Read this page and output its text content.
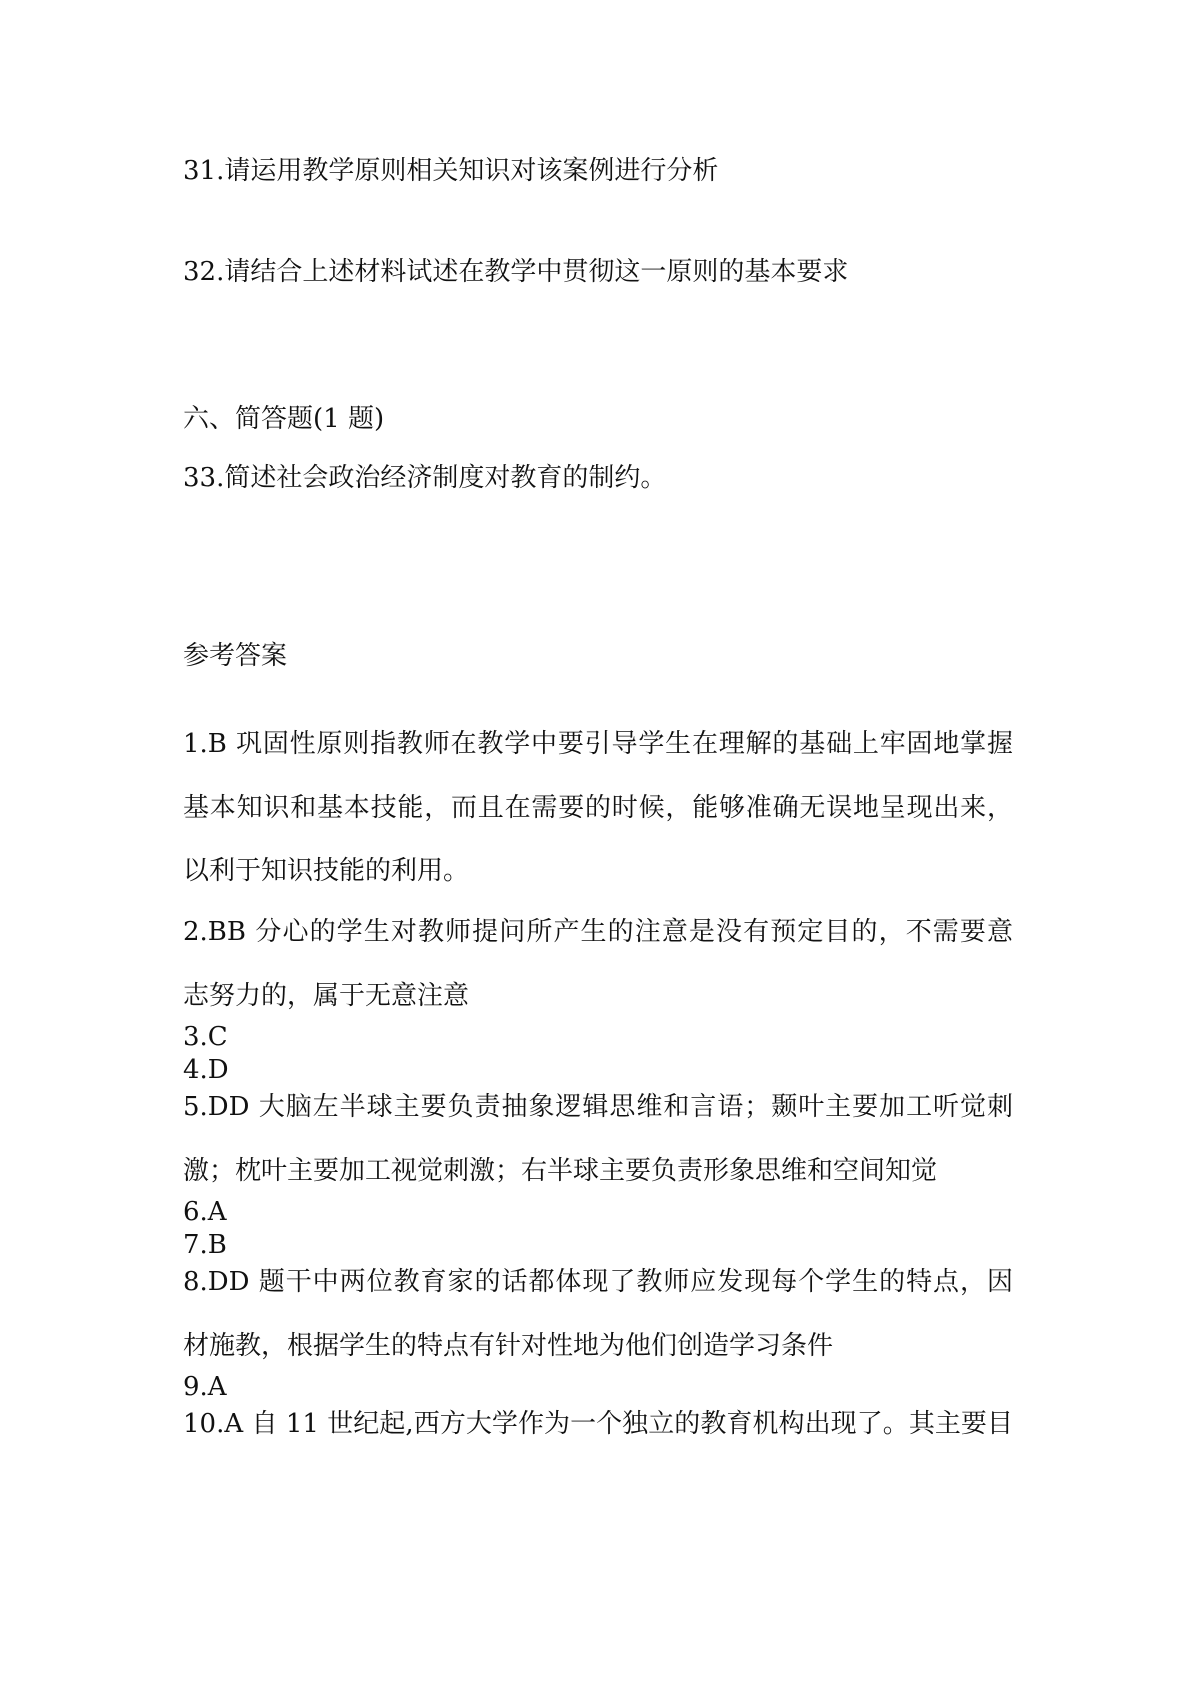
31.请运用教学原则相关知识对该案例进行分析
32.请结合上述材料试述在教学中贯彻这一原则的基本要求
六、简答题(1 题)
33.简述社会政治经济制度对教育的制约。
参考答案
1.B 巩固性原则指教师在教学中要引导学生在理解的基础上牢固地掌握
基本知识和基本技能，而且在需要的时候，能够准确无误地呈现出来，
以利于知识技能的利用。
2.BB 分心的学生对教师提问所产生的注意是没有预定目的，不需要意
志努力的，属于无意注意
3.C
4.D
5.DD 大脑左半球主要负责抽象逻辑思维和言语；颞叶主要加工听觉刺
激；枕叶主要加工视觉刺激；右半球主要负责形象思维和空间知觉
6.A
7.B
8.DD 题干中两位教育家的话都体现了教师应发现每个学生的特点，因
材施教，根据学生的特点有针对性地为他们创造学习条件
9.A
10.A 自 11 世纪起,西方大学作为一个独立的教育机构出现了。其主要目
